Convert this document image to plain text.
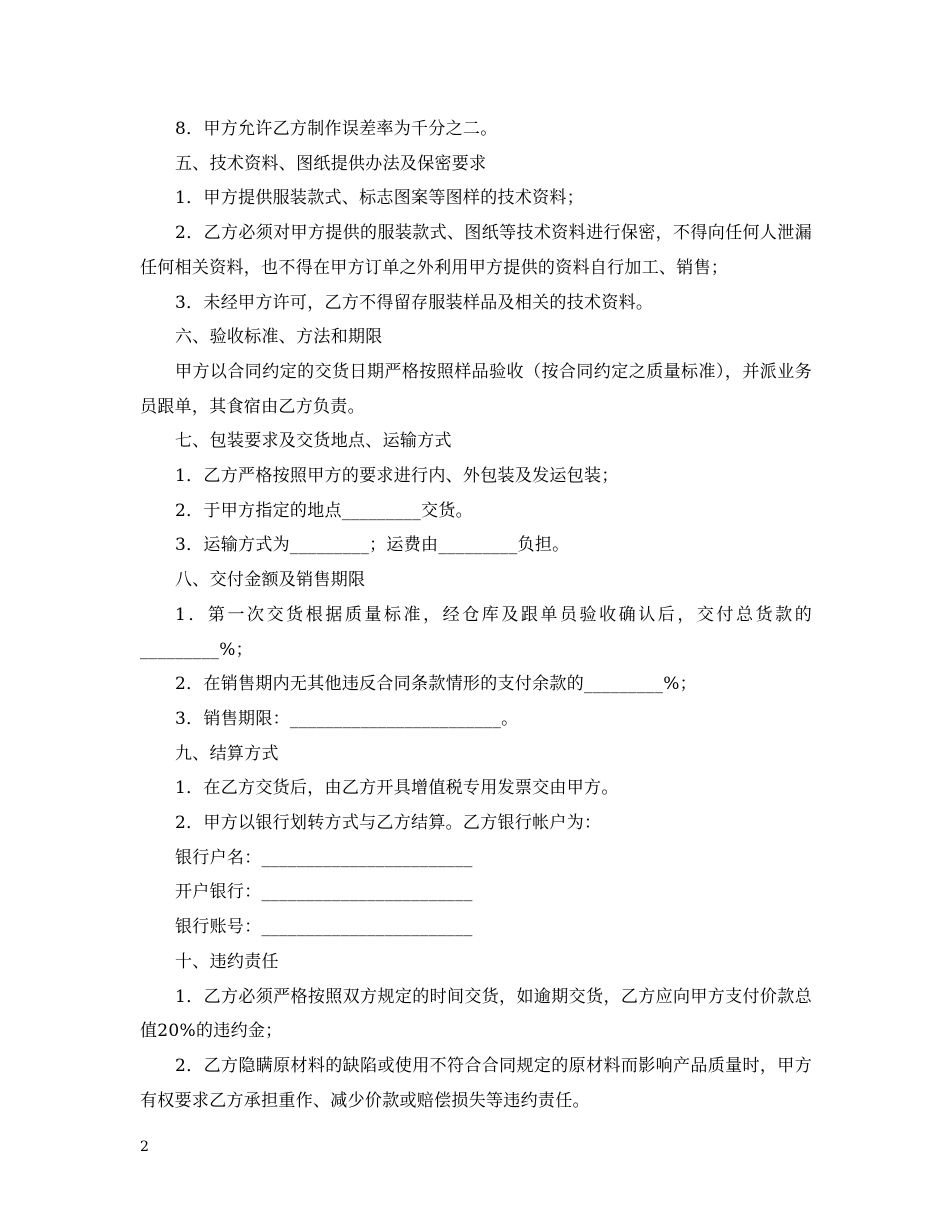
8．甲方允许乙方制作误差率为千分之二。

五、技术资料、图纸提供办法及保密要求

1．甲方提供服装款式、标志图案等图样的技术资料；

2．乙方必须对甲方提供的服装款式、图纸等技术资料进行保密，不得向任何人泄漏任何相关资料，也不得在甲方订单之外利用甲方提供的资料自行加工、销售；

3．未经甲方许可，乙方不得留存服装样品及相关的技术资料。

六、验收标准、方法和期限

甲方以合同约定的交货日期严格按照样品验收（按合同约定之质量标准），并派业务员跟单，其食宿由乙方负责。

七、包装要求及交货地点、运输方式

1．乙方严格按照甲方的要求进行内、外包装及发运包装；

2．于甲方指定的地点_________交货。

3．运输方式为_________；运费由_________负担。

八、交付金额及销售期限

1．第一次交货根据质量标准，经仓库及跟单员验收确认后，交付总货款的_________%；

2．在销售期内无其他违反合同条款情形的支付余款的_________%；

3．销售期限：________________________。

九、结算方式

1．在乙方交货后，由乙方开具增值税专用发票交由甲方。

2．甲方以银行划转方式与乙方结算。乙方银行帐户为：

银行户名：________________________

开户银行：________________________

银行账号：________________________

十、违约责任

1．乙方必须严格按照双方规定的时间交货，如逾期交货，乙方应向甲方支付价款总值20%的违约金；

2．乙方隐瞒原材料的缺陷或使用不符合合同规定的原材料而影响产品质量时，甲方有权要求乙方承担重作、减少价款或赔偿损失等违约责任。

2
